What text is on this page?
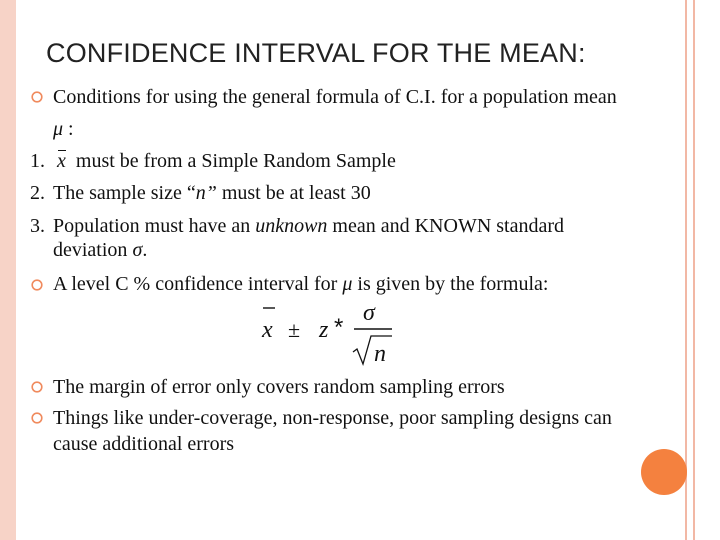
CONFIDENCE INTERVAL FOR THE MEAN:
Conditions for using the general formula of C.I. for a population mean
μ :
1. x must be from a Simple Random Sample
2. The sample size “n” must be at least 30
3. Population must have an unknown mean and KNOWN standard
deviation σ.
A level C % confidence interval for μ is given by the formula:
x ± z *
σ
n
The margin of error only covers random sampling errors
Things like under-coverage, non-response, poor sampling designs can
cause additional errors
